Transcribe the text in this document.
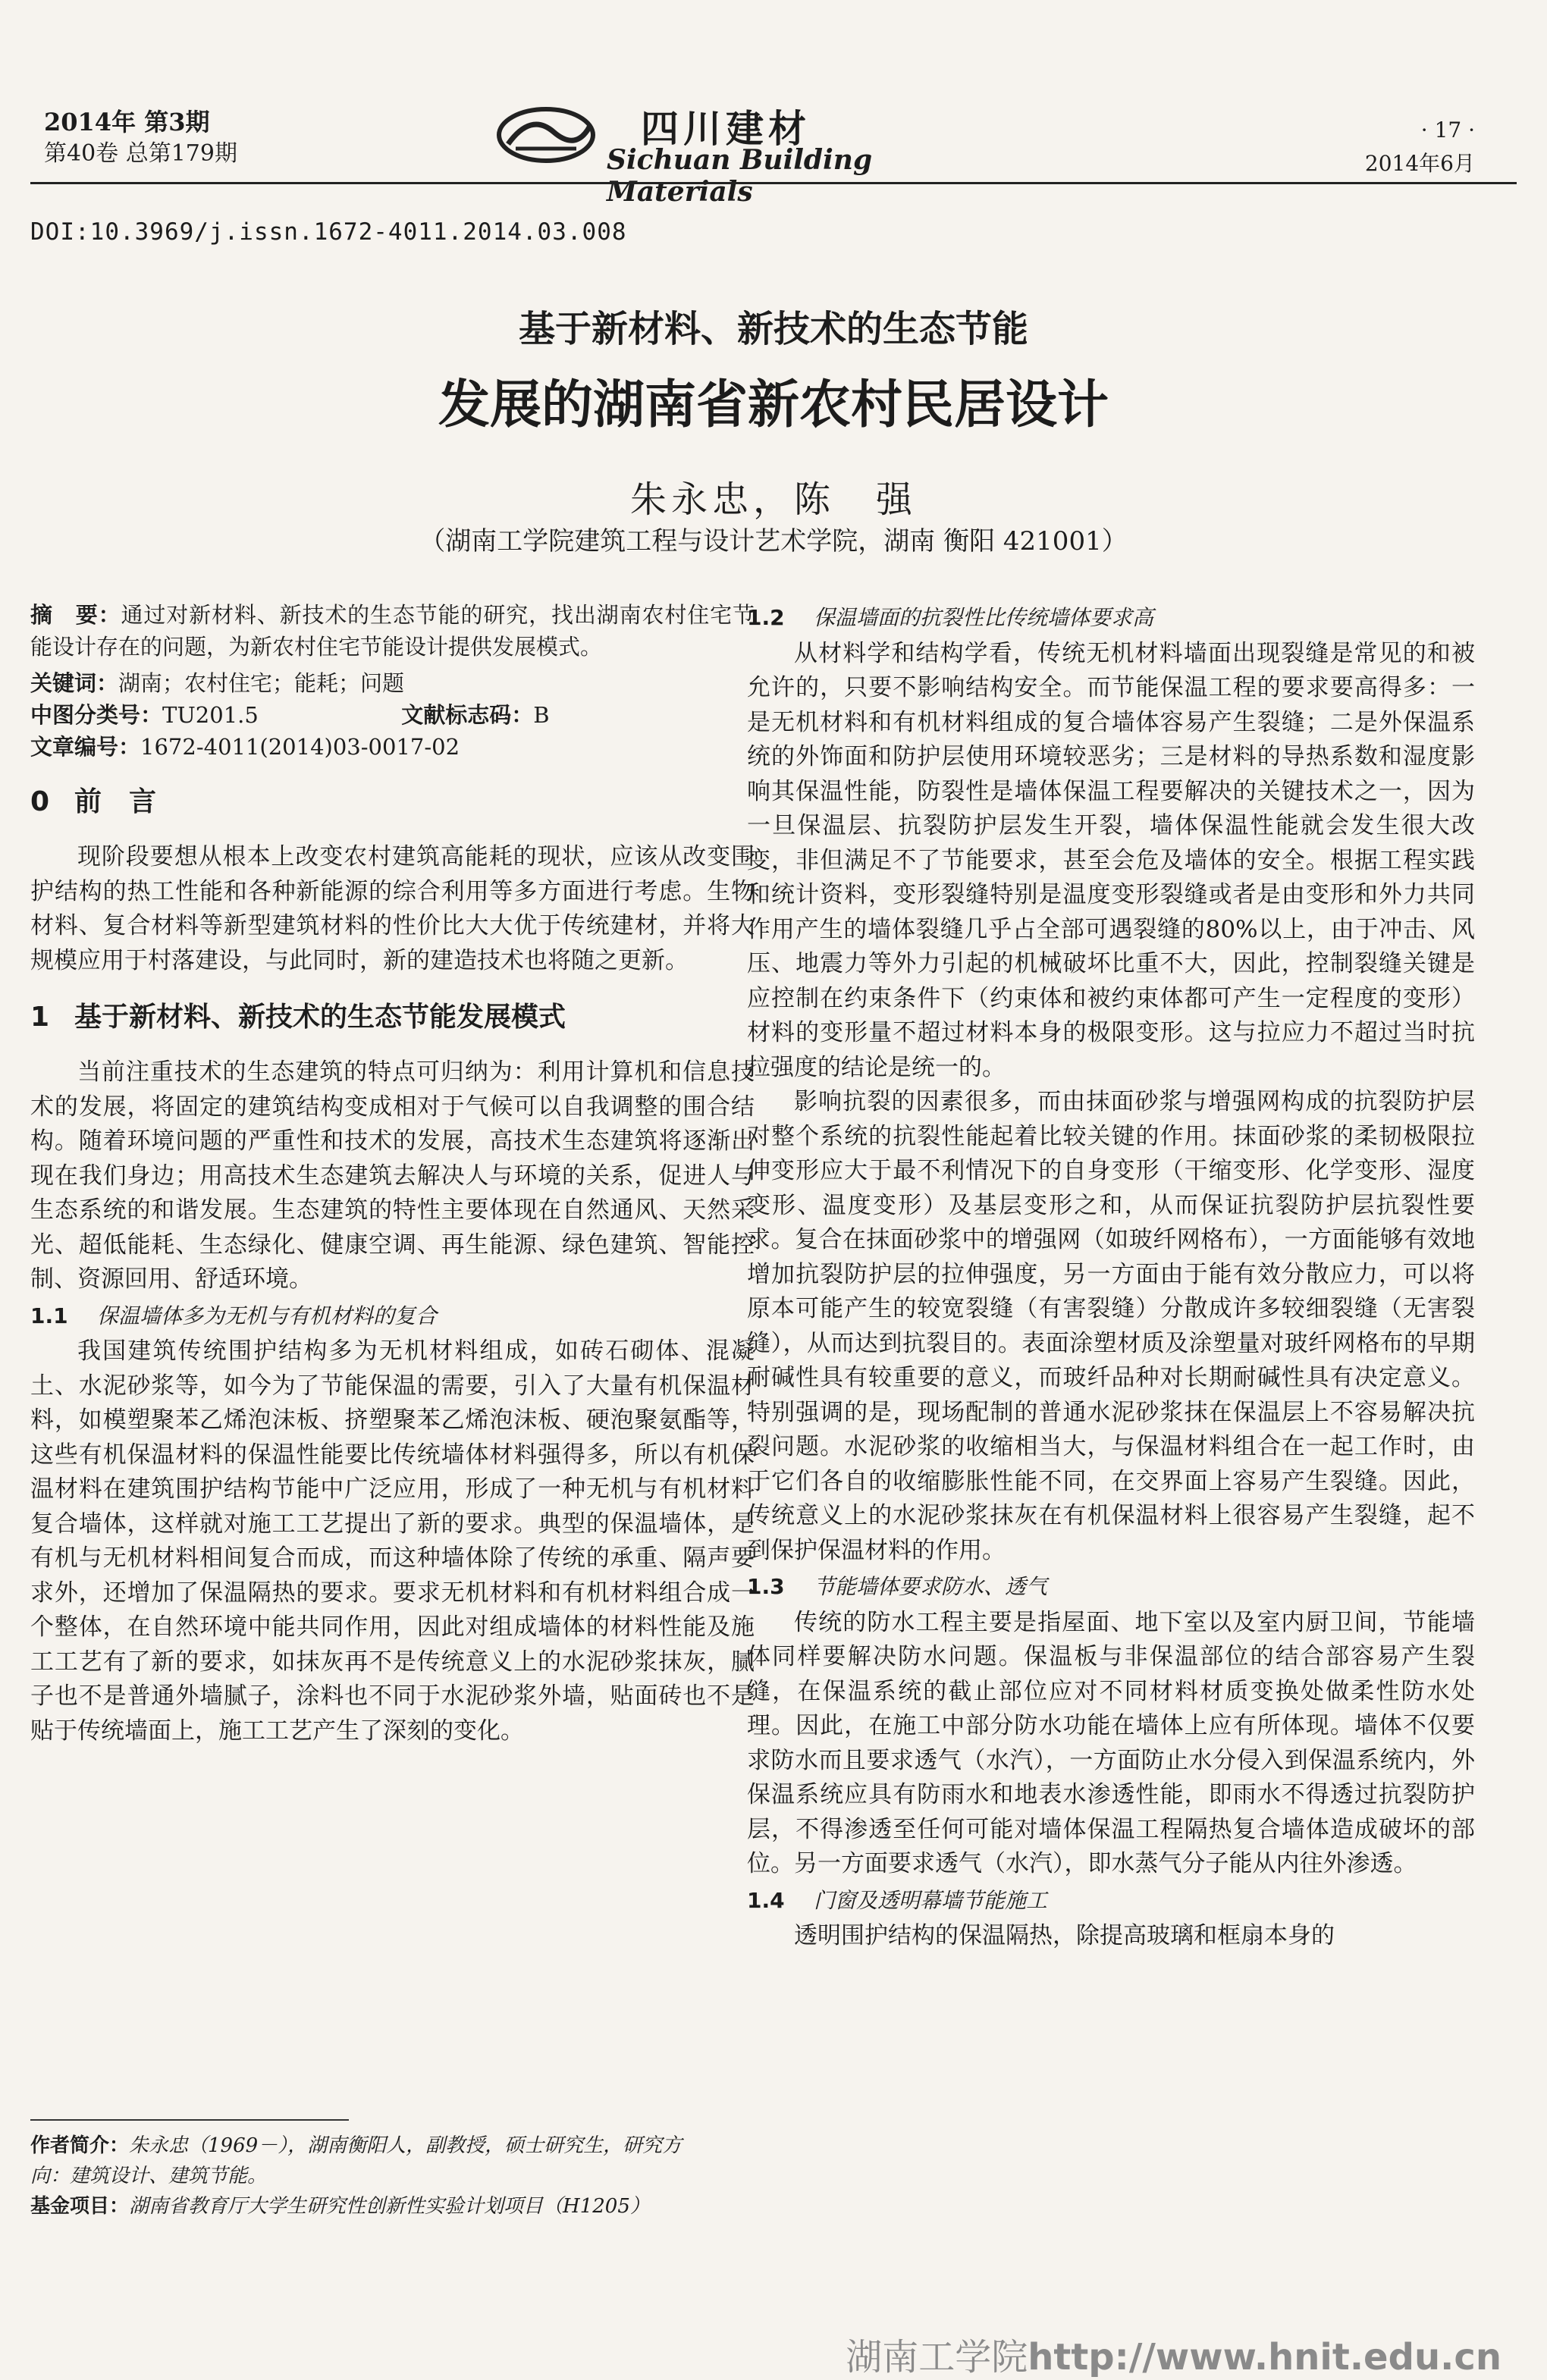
2014年 第3期
第40卷 总第179期
四川建材
Sichuan Building Materials
· 17 ·
2014年6月
DOI:10.3969/j.issn.1672-4011.2014.03.008
基于新材料、新技术的生态节能
发展的湖南省新农村民居设计
朱永忠，陈　强
（湖南工学院建筑工程与设计艺术学院，湖南 衡阳 421001）
摘　要：通过对新材料、新技术的生态节能的研究，找出湖南农村住宅节能设计存在的问题，为新农村住宅节能设计提供发展模式。
关键词：湖南；农村住宅；能耗；问题
中图分类号：TU201.5	文献标志码：B
文章编号：1672-4011(2014)03-0017-02
0 前　言

现阶段要想从根本上改变农村建筑高能耗的现状，应该从改变围护结构的热工性能和各种新能源的综合利用等多方面进行考虑。生物材料、复合材料等新型建筑材料的性价比大大优于传统建材，并将大规模应用于村落建设，与此同时，新的建造技术也将随之更新。

1 基于新材料、新技术的生态节能发展模式

当前注重技术的生态建筑的特点可归纳为：利用计算机和信息技术的发展，将固定的建筑结构变成相对于气候可以自我调整的围合结构。随着环境问题的严重性和技术的发展，高技术生态建筑将逐渐出现在我们身边；用高技术生态建筑去解决人与环境的关系，促进人与生态系统的和谐发展。生态建筑的特性主要体现在自然通风、天然采光、超低能耗、生态绿化、健康空调、再生能源、绿色建筑、智能控制、资源回用、舒适环境。

1.1 保温墙体多为无机与有机材料的复合

我国建筑传统围护结构多为无机材料组成，如砖石砌体、混凝土、水泥砂浆等，如今为了节能保温的需要，引入了大量有机保温材料，如模塑聚苯乙烯泡沫板、挤塑聚苯乙烯泡沫板、硬泡聚氨酯等，这些有机保温材料的保温性能要比传统墙体材料强得多，所以有机保温材料在建筑围护结构节能中广泛应用，形成了一种无机与有机材料复合墙体，这样就对施工工艺提出了新的要求。典型的保温墙体，是有机与无机材料相间复合而成，而这种墙体除了传统的承重、隔声要求外，还增加了保温隔热的要求。要求无机材料和有机材料组合成一个整体，在自然环境中能共同作用，因此对组成墙体的材料性能及施工工艺有了新的要求，如抹灰再不是传统意义上的水泥砂浆抹灰，腻子也不是普通外墙腻子，涂料也不同于水泥砂浆外墙，贴面砖也不是贴于传统墙面上，施工工艺产生了深刻的变化。

1.2 保温墙面的抗裂性比传统墙体要求高

从材料学和结构学看，传统无机材料墙面出现裂缝是常见的和被允许的，只要不影响结构安全。而节能保温工程的要求要高得多：一是无机材料和有机材料组成的复合墙体容易产生裂缝；二是外保温系统的外饰面和防护层使用环境较恶劣；三是材料的导热系数和湿度影响其保温性能，防裂性是墙体保温工程要解决的关键技术之一，因为一旦保温层、抗裂防护层发生开裂，墙体保温性能就会发生很大改变，非但满足不了节能要求，甚至会危及墙体的安全。根据工程实践和统计资料，变形裂缝特别是温度变形裂缝或者是由变形和外力共同作用产生的墙体裂缝几乎占全部可遇裂缝的80%以上，由于冲击、风压、地震力等外力引起的机械破坏比重不大，因此，控制裂缝关键是应控制在约束条件下（约束体和被约束体都可产生一定程度的变形）材料的变形量不超过材料本身的极限变形。这与拉应力不超过当时抗拉强度的结论是统一的。

影响抗裂的因素很多，而由抹面砂浆与增强网构成的抗裂防护层对整个系统的抗裂性能起着比较关键的作用。抹面砂浆的柔韧极限拉伸变形应大于最不利情况下的自身变形（干缩变形、化学变形、湿度变形、温度变形）及基层变形之和，从而保证抗裂防护层抗裂性要求。复合在抹面砂浆中的增强网（如玻纤网格布），一方面能够有效地增加抗裂防护层的拉伸强度，另一方面由于能有效分散应力，可以将原本可能产生的较宽裂缝（有害裂缝）分散成许多较细裂缝（无害裂缝），从而达到抗裂目的。表面涂塑材质及涂塑量对玻纤网格布的早期耐碱性具有较重要的意义，而玻纤品种对长期耐碱性具有决定意义。特别强调的是，现场配制的普通水泥砂浆抹在保温层上不容易解决抗裂问题。水泥砂浆的收缩相当大，与保温材料组合在一起工作时，由于它们各自的收缩膨胀性能不同，在交界面上容易产生裂缝。因此，传统意义上的水泥砂浆抹灰在有机保温材料上很容易产生裂缝，起不到保护保温材料的作用。

1.3 节能墙体要求防水、透气

传统的防水工程主要是指屋面、地下室以及室内厨卫间，节能墙体同样要解决防水问题。保温板与非保温部位的结合部容易产生裂缝，在保温系统的截止部位应对不同材料材质变换处做柔性防水处理。因此，在施工中部分防水功能在墙体上应有所体现。墙体不仅要求防水而且要求透气（水汽），一方面防止水分侵入到保温系统内，外保温系统应具有防雨水和地表水渗透性能，即雨水不得透过抗裂防护层，不得渗透至任何可能对墙体保温工程隔热复合墙体造成破坏的部位。另一方面要求透气（水汽），即水蒸气分子能从内往外渗透。

1.4 门窗及透明幕墙节能施工

透明围护结构的保温隔热，除提高玻璃和框扇本身的

作者简介：朱永忠（1969－），湖南衡阳人，副教授，硕士研究生，研究方向：建筑设计、建筑节能。
基金项目：湖南省教育厅大学生研究性创新性实验计划项目（H1205）
湖南工学院http://www.hnit.edu.cn
